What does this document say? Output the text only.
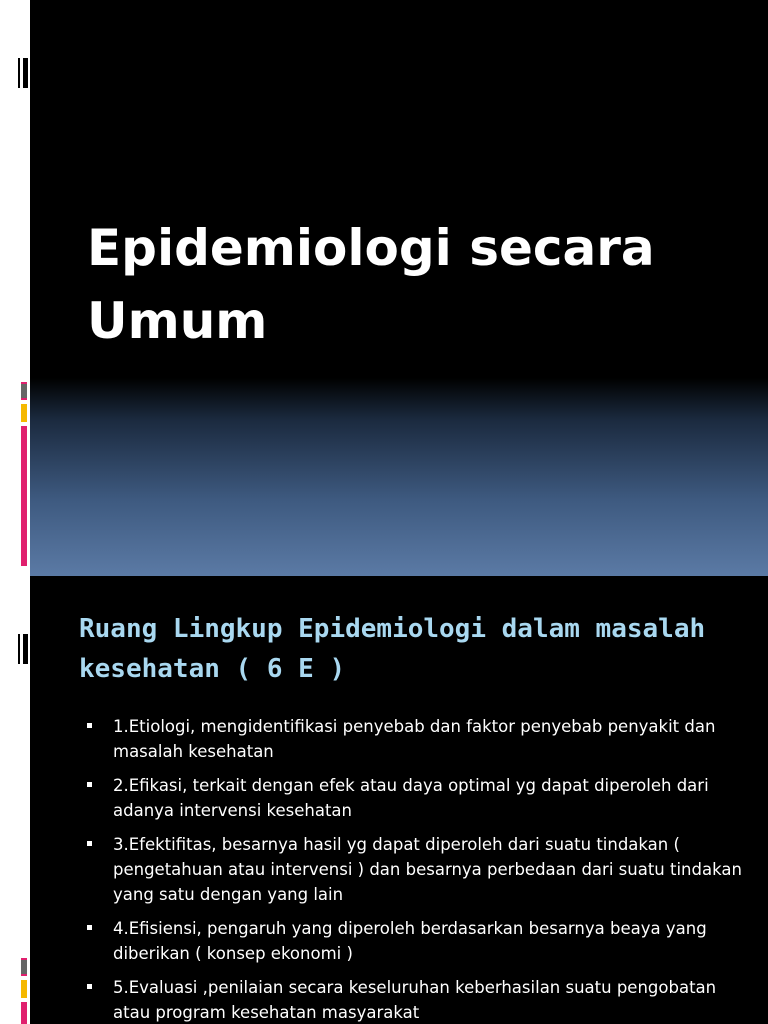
Epidemiologi secara Umum
Ruang Lingkup Epidemiologi dalam masalah kesehatan ( 6 E )
1.Etiologi, mengidentifikasi penyebab dan faktor penyebab penyakit dan masalah kesehatan
2.Efikasi, terkait dengan efek atau daya optimal yg dapat diperoleh dari adanya intervensi kesehatan
3.Efektifitas, besarnya hasil yg dapat diperoleh dari suatu tindakan ( pengetahuan atau intervensi ) dan besarnya perbedaan dari suatu tindakan yang satu dengan yang lain
4.Efisiensi, pengaruh yang diperoleh berdasarkan besarnya beaya yang diberikan ( konsep ekonomi )
5.Evaluasi ,penilaian secara keseluruhan keberhasilan suatu pengobatan atau program kesehatan masyarakat
